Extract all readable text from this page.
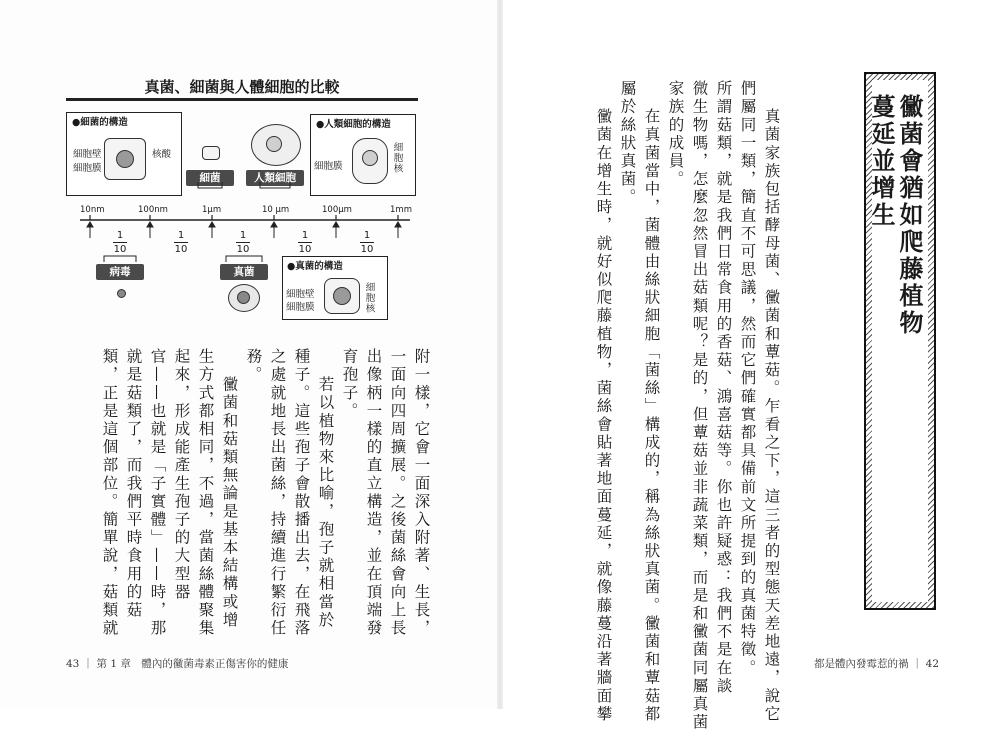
黴菌會猶如爬藤植物
蔓延並增生
真菌家族包括酵母菌、黴菌和蕈菇。乍看之下，這三者的型態天差地遠，說它
們屬同一類，簡直不可思議，然而它們確實都具備前文所提到的真菌特徵。
所謂菇類，就是我們日常食用的香菇、鴻喜菇等。你也許疑惑：我們不是在談
微生物嗎，怎麼忽然冒出菇類呢？是的，但蕈菇並非蔬菜類，而是和黴菌同屬真菌
家族的成員。
在真菌當中，菌體由絲狀細胞「菌絲」構成的，稱為絲狀真菌。黴菌和蕈菇都
屬於絲狀真菌。
黴菌在增生時，就好似爬藤植物，菌絲會貼著地面蔓延，就像藤蔓沿著牆面攀	都是體內發霉惹的禍 ｜ 42
附一樣，它會一面深入附著、生長，
一面向四周擴展。之後菌絲會向上長
出像柄一樣的直立構造，並在頂端發
育孢子。
若以植物來比喻，孢子就相當於
種子。這些孢子會散播出去，在飛落
之處就地長出菌絲，持續進行繁衍任
務。
黴菌和菇類無論是基本結構或增
生方式都相同，不過，當菌絲體聚集
起來，形成能產生孢子的大型器
官——也就是「子實體」——時，那
就是菇類了，而我們平時食用的菇
類，正是這個部位。簡單說，菇類就
43 ｜ 第 1 章　體內的黴菌毒素正傷害你的健康
真菌、細菌與人體細胞的比較
●細菌的構造
細胞壁
細胞膜
核酸
細菌	人類細胞
●人類細胞的構造
細胞膜	細胞核
10nm	100nm	1μm	10 μm	100μm	1mm
1
10
1
10
1
10
1
10
1
10
病毒	真菌	●真菌的構造
細胞壁
細胞膜	細胞核
